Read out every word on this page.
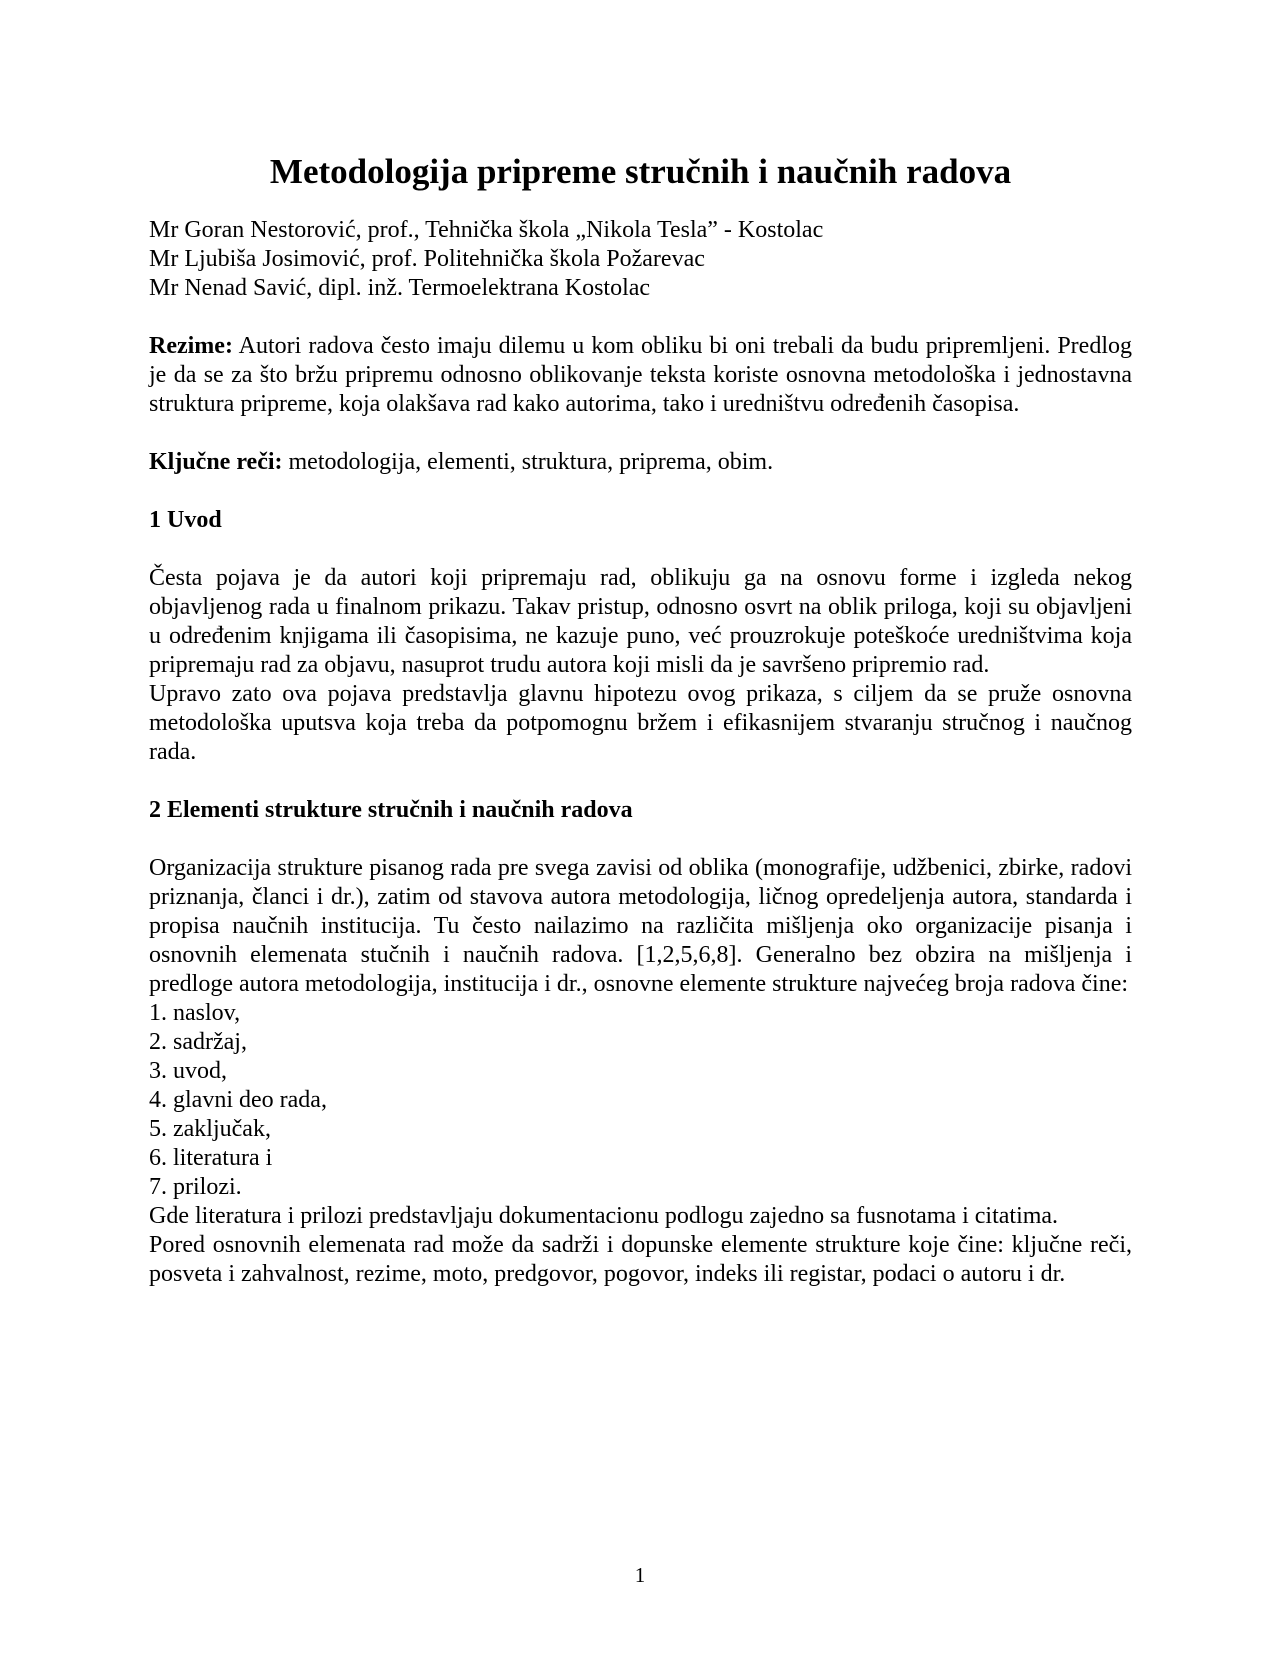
Metodologija pripreme stručnih i naučnih radova
Mr Goran Nestorović, prof., Tehnička škola „Nikola Tesla” - Kostolac
Mr Ljubiša Josimović, prof. Politehnička škola Požarevac
Mr Nenad Savić, dipl. inž. Termoelektrana Kostolac

Rezime: Autori radova često imaju dilemu u kom obliku bi oni trebali da budu pripremljeni. Predlog je da se za što bržu pripremu odnosno oblikovanje teksta koriste osnovna metodološka i jednostavna struktura pripreme, koja olakšava rad kako autorima, tako i uredništvu određenih časopisa.

Ključne reči: metodologija, elementi, struktura, priprema, obim.

1 Uvod

Česta pojava je da autori koji pripremaju rad, oblikuju ga na osnovu forme i izgleda nekog objavljenog rada u finalnom prikazu. Takav pristup, odnosno osvrt na oblik priloga, koji su objavljeni u određenim knjigama ili časopisima, ne kazuje puno, već prouzrokuje poteškoće uredništvima koja pripremaju rad za objavu, nasuprot trudu autora koji misli da je savršeno pripremio rad.

Upravo zato ova pojava predstavlja glavnu hipotezu ovog prikaza, s ciljem da se pruže osnovna metodološka uputsva koja treba da potpomognu bržem i efikasnijem stvaranju stručnog i naučnog rada.

2 Elementi strukture stručnih i naučnih radova

Organizacija strukture pisanog rada pre svega zavisi od oblika (monografije, udžbenici, zbirke, radovi priznanja, članci i dr.), zatim od stavova autora metodologija, ličnog opredeljenja autora, standarda i propisa naučnih institucija. Tu često nailazimo na različita mišljenja oko organizacije pisanja i osnovnih elemenata stučnih i naučnih radova. [1,2,5,6,8]. Generalno bez obzira na mišljenja i predloge autora metodologija, institucija i dr., osnovne elemente strukture najvećeg broja radova čine:

1. naslov,
2. sadržaj,
3. uvod,
4. glavni deo rada,
5. zaključak,
6. literatura i
7. prilozi.

Gde literatura i prilozi predstavljaju dokumentacionu podlogu zajedno sa fusnotama i citatima.

Pored osnovnih elemenata rad može da sadrži i dopunske elemente strukture koje čine: ključne reči, posveta i zahvalnost, rezime, moto, predgovor, pogovor, indeks ili registar, podaci o autoru i dr.

1
